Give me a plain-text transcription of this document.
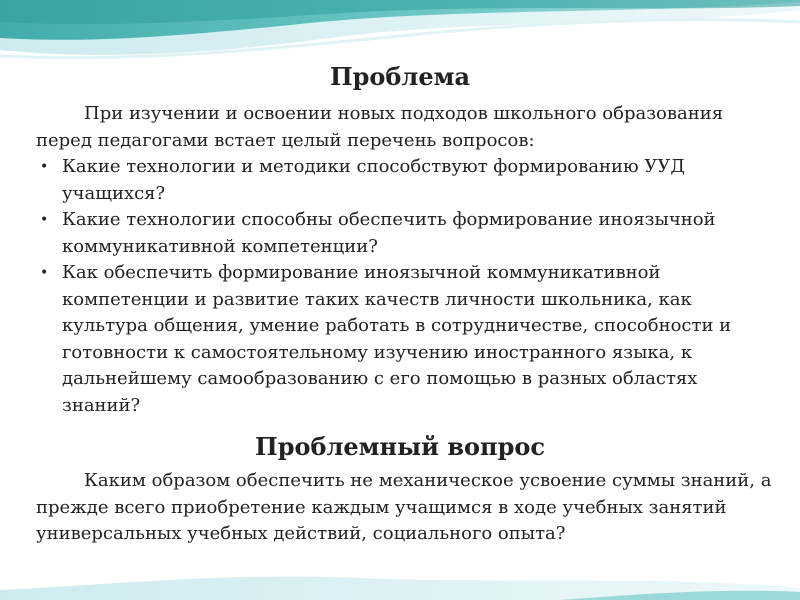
Проблема
При изучении и освоении новых подходов школьного образования перед педагогами встает целый перечень вопросов:
• Какие технологии и методики способствуют формированию УУД учащихся?
• Какие технологии способны обеспечить формирование иноязычной коммуникативной компетенции?
• Как обеспечить формирование иноязычной коммуникативной компетенции и развитие таких качеств личности школьника, как культура общения, умение работать в сотрудничестве, способности и готовности к самостоятельному изучению иностранного языка, к дальнейшему самообразованию с его помощью в разных областях знаний?
Проблемный вопрос
Каким образом обеспечить не механическое усвоение суммы знаний, а прежде всего приобретение каждым учащимся в ходе учебных занятий универсальных учебных действий, социального опыта?
